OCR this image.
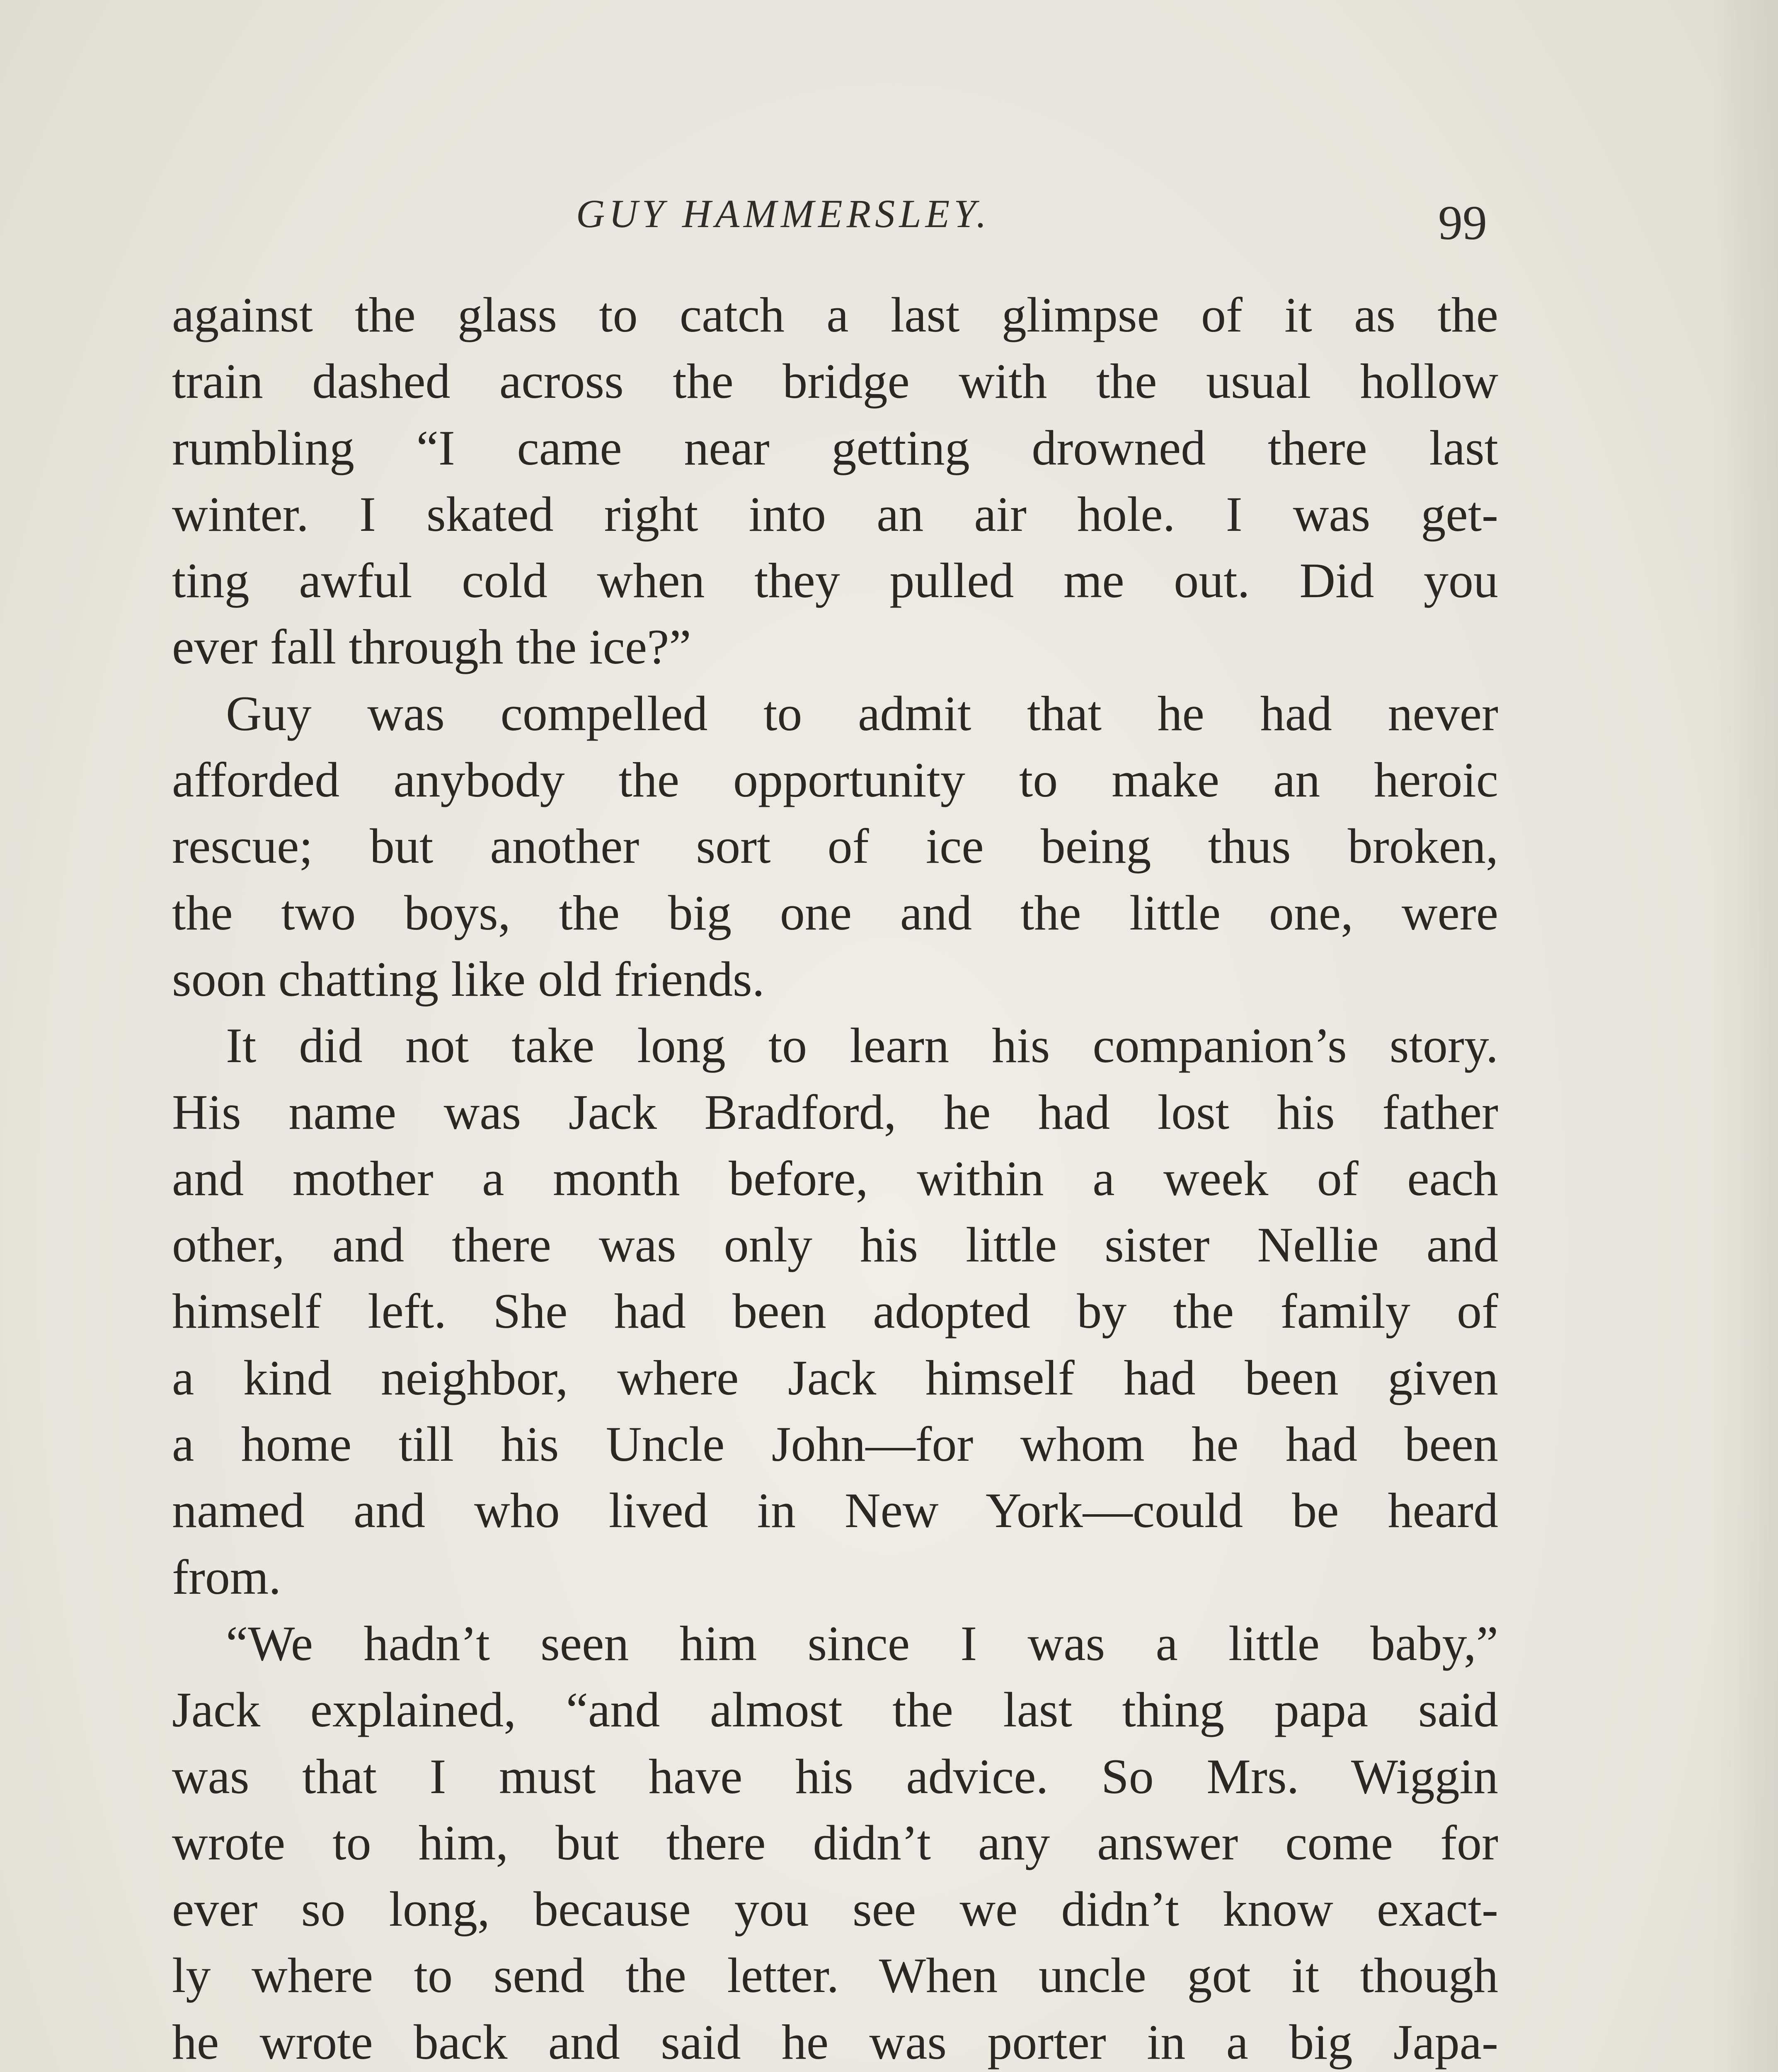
GUY HAMMERSLEY.	99
against the glass to catch a last glimpse of it as the
train dashed across the bridge with the usual hollow
rumbling “I came near getting drowned there last
winter. I skated right into an air hole. I was get-
ting awful cold when they pulled me out. Did you
ever fall through the ice?”
Guy was compelled to admit that he had never
afforded anybody the opportunity to make an heroic
rescue; but another sort of ice being thus broken,
the two boys, the big one and the little one, were
soon chatting like old friends.
It did not take long to learn his companion’s story.
His name was Jack Bradford, he had lost his father
and mother a month before, within a week of each
other, and there was only his little sister Nellie and
himself left. She had been adopted by the family of
a kind neighbor, where Jack himself had been given
a home till his Uncle John—for whom he had been
named and who lived in New York—could be heard
from.
“We hadn’t seen him since I was a little baby,”
Jack explained, “and almost the last thing papa said
was that I must have his advice. So Mrs. Wiggin
wrote to him, but there didn’t any answer come for
ever so long, because you see we didn’t know exact-
ly where to send the letter. When uncle got it though
he wrote back and said he was porter in a big Japa-
